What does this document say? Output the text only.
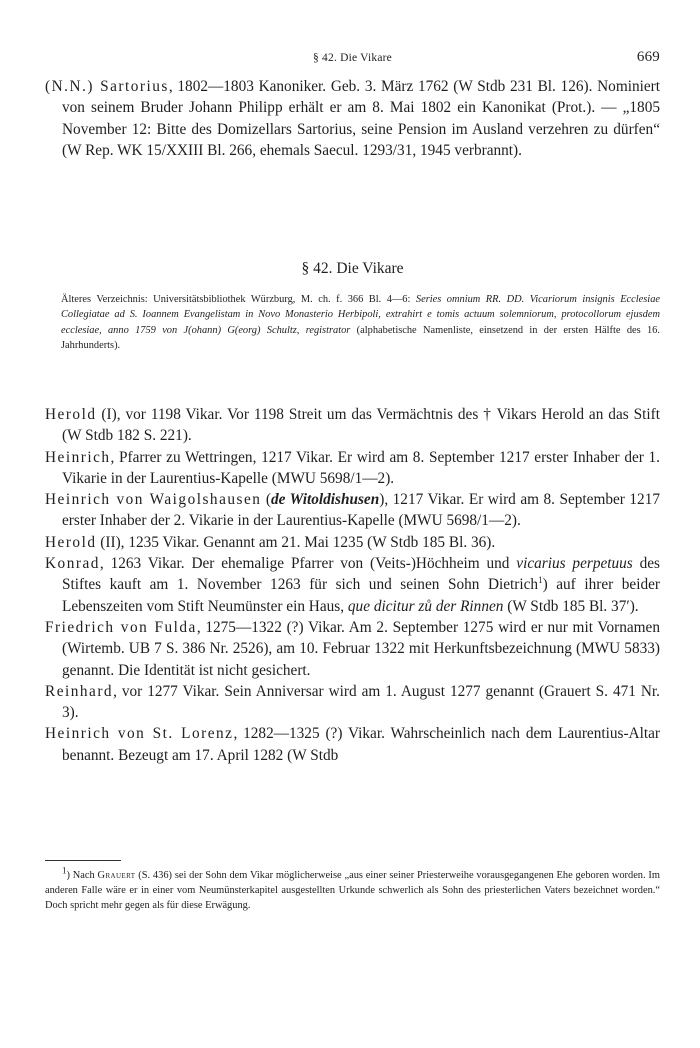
§ 42. Die Vikare	669

(N.N.) Sartorius, 1802—1803 Kanoniker. Geb. 3. März 1762 (W Stdb 231 Bl. 126). Nominiert von seinem Bruder Johann Philipp erhält er am 8. Mai 1802 ein Kanonikat (Prot.). — „1805 November 12: Bitte des Domizellars Sartorius, seine Pension im Ausland verzehren zu dürfen“ (W Rep. WK 15/XXIII Bl. 266, ehemals Saecul. 1293/31, 1945 verbrannt).

§ 42. Die Vikare

Älteres Verzeichnis: Universitätsbibliothek Würzburg, M. ch. f. 366 Bl. 4—6: Series omnium RR. DD. Vicariorum insignis Ecclesiae Collegiatae ad S. Ioannem Evangelistam in Novo Monasterio Herbipoli, extrahirt e tomis actuum solemniorum, protocollorum ejusdem ecclesiae, anno 1759 von J(ohann) G(eorg) Schultz, registrator (alphabetische Namenliste, einsetzend in der ersten Hälfte des 16. Jahrhunderts).

Herold (I), vor 1198 Vikar. Vor 1198 Streit um das Vermächtnis des † Vikars Herold an das Stift (W Stdb 182 S. 221).

Heinrich, Pfarrer zu Wettringen, 1217 Vikar. Er wird am 8. September 1217 erster Inhaber der 1. Vikarie in der Laurentius-Kapelle (MWU 5698/1—2).

Heinrich von Waigolshausen (de Witoldishusen), 1217 Vikar. Er wird am 8. September 1217 erster Inhaber der 2. Vikarie in der Laurentius-Kapelle (MWU 5698/1—2).

Herold (II), 1235 Vikar. Genannt am 21. Mai 1235 (W Stdb 185 Bl. 36).

Konrad, 1263 Vikar. Der ehemalige Pfarrer von (Veits-)Höchheim und vicarius perpetuus des Stiftes kauft am 1. November 1263 für sich und seinen Sohn Dietrich$^1$) auf ihrer beider Lebenszeiten vom Stift Neumünster ein Haus, que dicitur zů der Rinnen (W Stdb 185 Bl. 37′).

Friedrich von Fulda, 1275—1322 (?) Vikar. Am 2. September 1275 wird er nur mit Vornamen (Wirtemb. UB 7 S. 386 Nr. 2526), am 10. Februar 1322 mit Herkunftsbezeichnung (MWU 5833) genannt. Die Identität ist nicht gesichert.

Reinhard, vor 1277 Vikar. Sein Anniversar wird am 1. August 1277 genannt (Grauert S. 471 Nr. 3).

Heinrich von St. Lorenz, 1282—1325 (?) Vikar. Wahrscheinlich nach dem Laurentius-Altar benannt. Bezeugt am 17. April 1282 (W Stdb

$^1$) Nach Grauert (S. 436) sei der Sohn dem Vikar möglicherweise „aus einer seiner Priesterweihe vorausgegangenen Ehe geboren worden. Im anderen Falle wäre er in einer vom Neumünsterkapitel ausgestellten Urkunde schwerlich als Sohn des priesterlichen Vaters bezeichnet worden.“ Doch spricht mehr gegen als für diese Erwägung.
